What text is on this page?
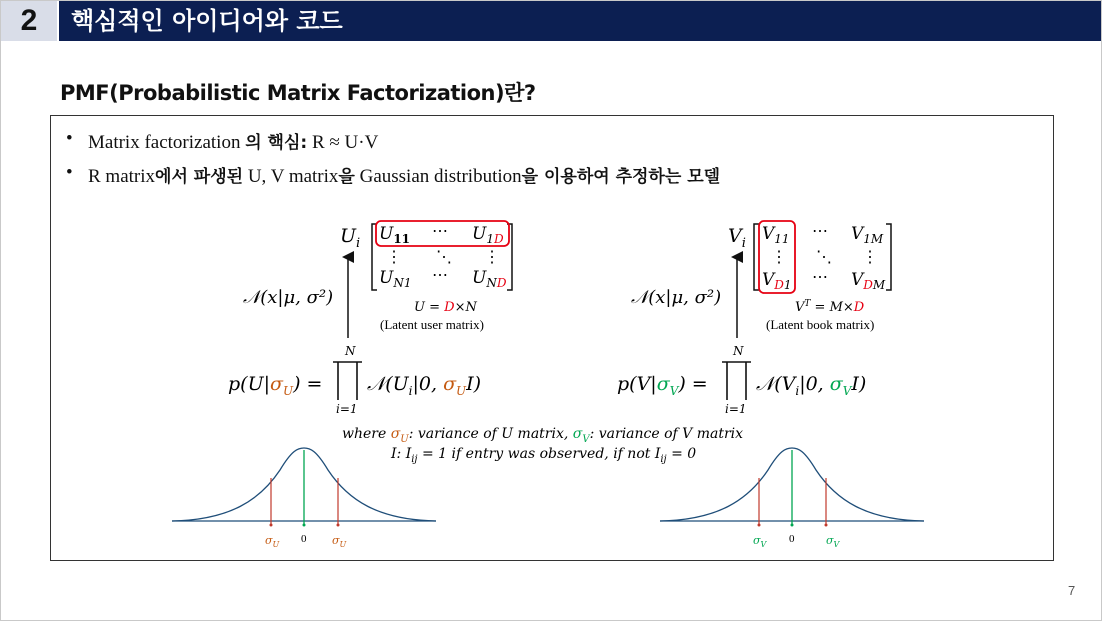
2	핵심적인 아이디어와 코드
PMF(Probabilistic Matrix Factorization)란?
• Matrix factorization 의 핵심: R ≈ U·V
• R matrix에서 파생된 U, V matrix을 Gaussian distribution을 이용하여 추정하는 모델
$U_i$ $U_{11}$ ⋯ $U_1D$
⋮ ⋱ ⋮
$U_{N1}$ ⋯ $U_ND$
U = D×N
(Latent user matrix)
𝒩(x|μ, σ²)
$p(U|\sigma_U)$ =
N
i=1
$𝒩(U_i|0$, $\sigma_UI$)
$V_i$ $V_{11}$ ⋯ $V_{1M}$
⋮ ⋱ ⋮
$V_D1$ ⋯ $V_DM$
$V^T = M\times D$
(Latent book matrix)
𝒩(x|μ, σ²)
$p(V|\sigma_V)$ =
N
i=1
$𝒩(V_i|0$, $\sigma_VI$)
where $\sigma_U$: variance of U matrix, $\sigma_V$: variance of V matrix
I: $I_{ij} = 1$ if entry was observed, if not $I_{ij} = 0$
$\sigma_U$ 0 $\sigma_U$	$\sigma_V$ 0	$\sigma_V$
7
